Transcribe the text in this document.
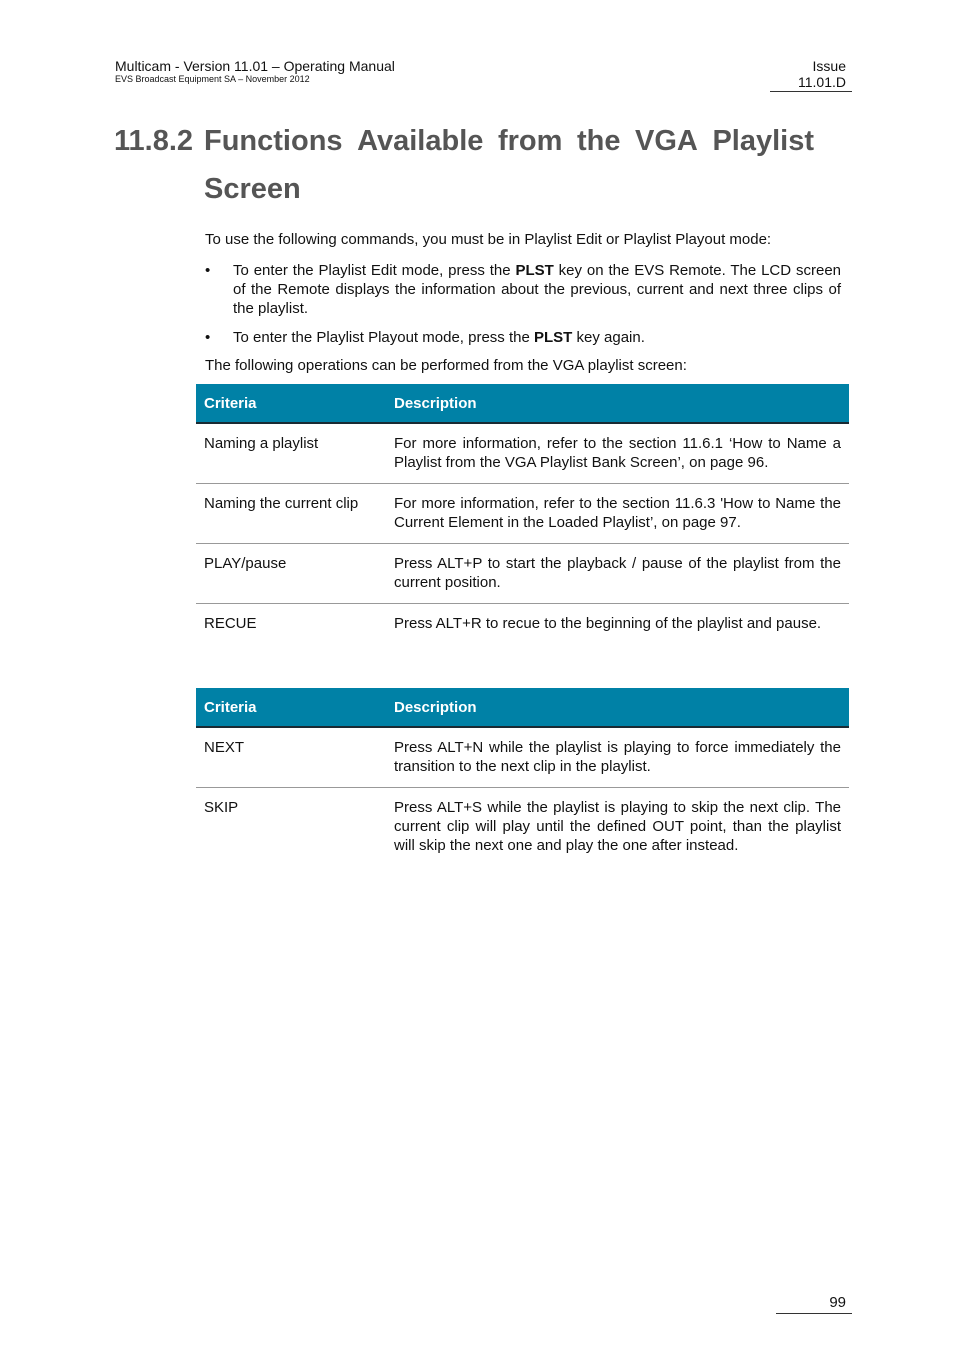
Multicam - Version 11.01 – Operating Manual
EVS Broadcast Equipment SA – November 2012
Issue
11.01.D
11.8.2 Functions Available from the VGA Playlist
Screen
To use the following commands, you must be in Playlist Edit or Playlist Playout mode:
• To enter the Playlist Edit mode, press the PLST key on the EVS Remote. The LCD screen of the Remote displays the information about the previous, current and next three clips of the playlist.
• To enter the Playlist Playout mode, press the PLST key again.
The following operations can be performed from the VGA playlist screen:
Criteria	Description
Naming a playlist	For more information, refer to the section 11.6.1 ‘How to Name a Playlist from the VGA Playlist Bank Screen’, on page 96.
Naming the current clip	For more information, refer to the section 11.6.3 'How to Name the Current Element in the Loaded Playlist’, on page 97.
PLAY/pause	Press ALT+P to start the playback / pause of the playlist from the current position.
RECUE	Press ALT+R to recue to the beginning of the playlist and pause.
Criteria	Description
NEXT	Press ALT+N while the playlist is playing to force immediately the transition to the next clip in the playlist.
SKIP	Press ALT+S while the playlist is playing to skip the next clip. The current clip will play until the defined OUT point, than the playlist will skip the next one and play the one after instead.
99
